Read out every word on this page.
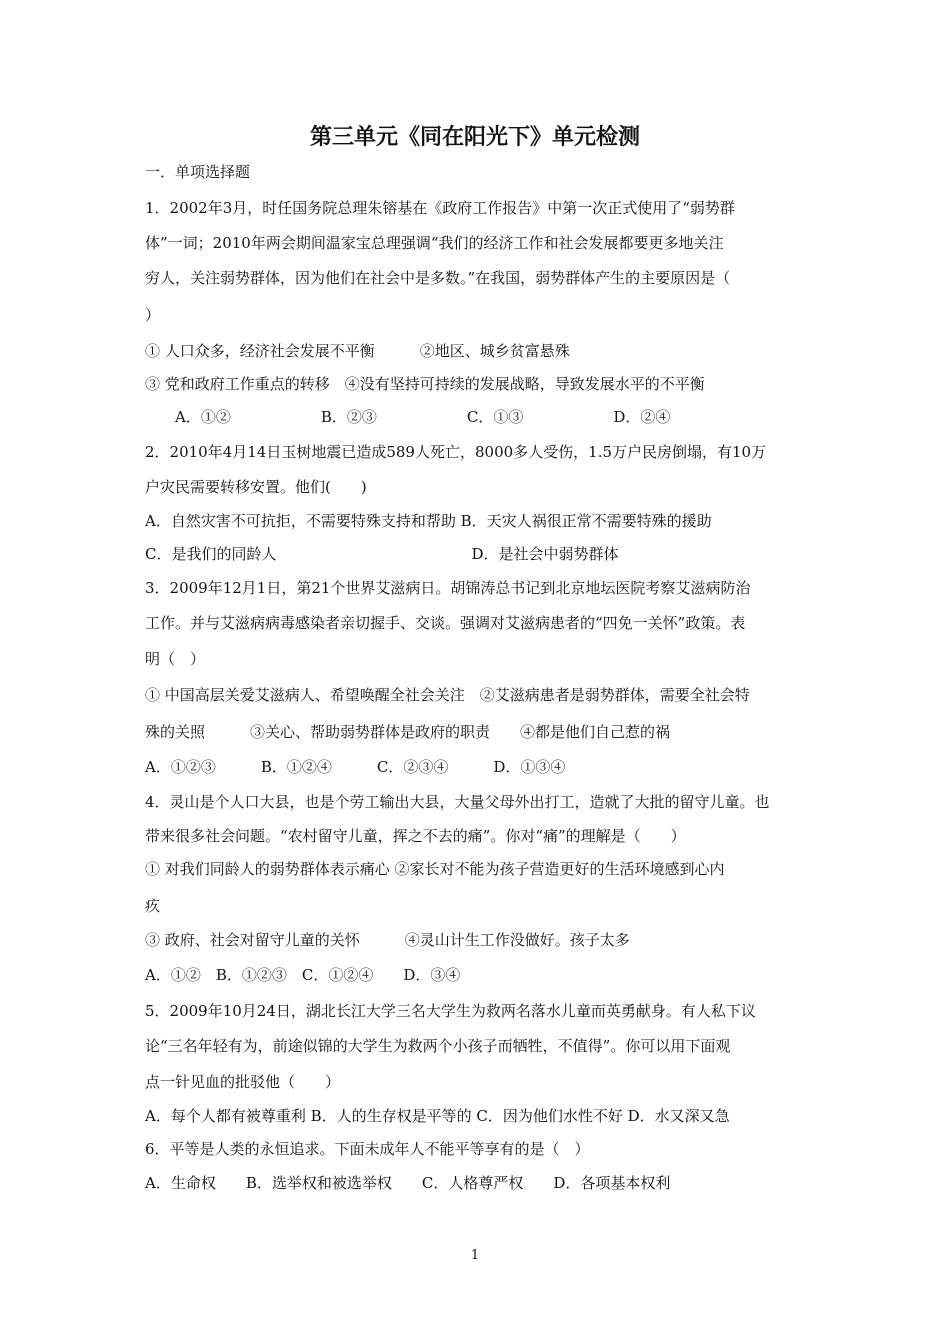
第三单元《同在阳光下》单元检测
一．单项选择题
1．2002年3月，时任国务院总理朱镕基在《政府工作报告》中第一次正式使用了“弱势群
体”一词；2010年两会期间温家宝总理强调“我们的经济工作和社会发展都要更多地关注
穷人，关注弱势群体，因为他们在社会中是多数。”在我国，弱势群体产生的主要原因是（
）
① 人口众多，经济社会发展不平衡　　　②地区、城乡贫富悬殊
③ 党和政府工作重点的转移　④没有坚持可持续的发展战略，导致发展水平的不平衡
　　A．①②　　　　　　B．②③　　　　　　C．①③　　　　　　D．②④
2．2010年4月14日玉树地震已造成589人死亡，8000多人受伤，1.5万户民房倒塌，有10万
户灾民需要转移安置。他们(　　)
A．自然灾害不可抗拒，不需要特殊支持和帮助 B．天灾人祸很正常不需要特殊的援助
C．是我们的同龄人　　　　　　　　　　　　　D．是社会中弱势群体
3．2009年12月1日，第21个世界艾滋病日。胡锦涛总书记到北京地坛医院考察艾滋病防治
工作。并与艾滋病病毒感染者亲切握手、交谈。强调对艾滋病患者的“四免一关怀”政策。表
明（　）
① 中国高层关爱艾滋病人、希望唤醒全社会关注　②艾滋病患者是弱势群体，需要全社会特
殊的关照　　　③关心、帮助弱势群体是政府的职责　　④都是他们自己惹的祸
A．①②③　　　B．①②④　　　C．②③④　　　D．①③④
4．灵山是个人口大县，也是个劳工输出大县，大量父母外出打工，造就了大批的留守儿童。也
带来很多社会问题。“农村留守儿童，挥之不去的痛”。你对“痛”的理解是（　　）
① 对我们同龄人的弱势群体表示痛心 ②家长对不能为孩子营造更好的生活环境感到心内
疚
③ 政府、社会对留守儿童的关怀　　　④灵山计生工作没做好。孩子太多
A．①②　B．①②③　C．①②④　　D．③④
5．2009年10月24日，湖北长江大学三名大学生为救两名落水儿童而英勇献身。有人私下议
论“三名年轻有为，前途似锦的大学生为救两个小孩子而牺牲，不值得”。你可以用下面观
点一针见血的批驳他（　　）
A．每个人都有被尊重利 B．人的生存权是平等的 C．因为他们水性不好 D．水又深又急
6．平等是人类的永恒追求。下面未成年人不能平等享有的是（　）
A．生命权　　B．选举权和被选举权　　C．人格尊严权　　D．各项基本权利
1
